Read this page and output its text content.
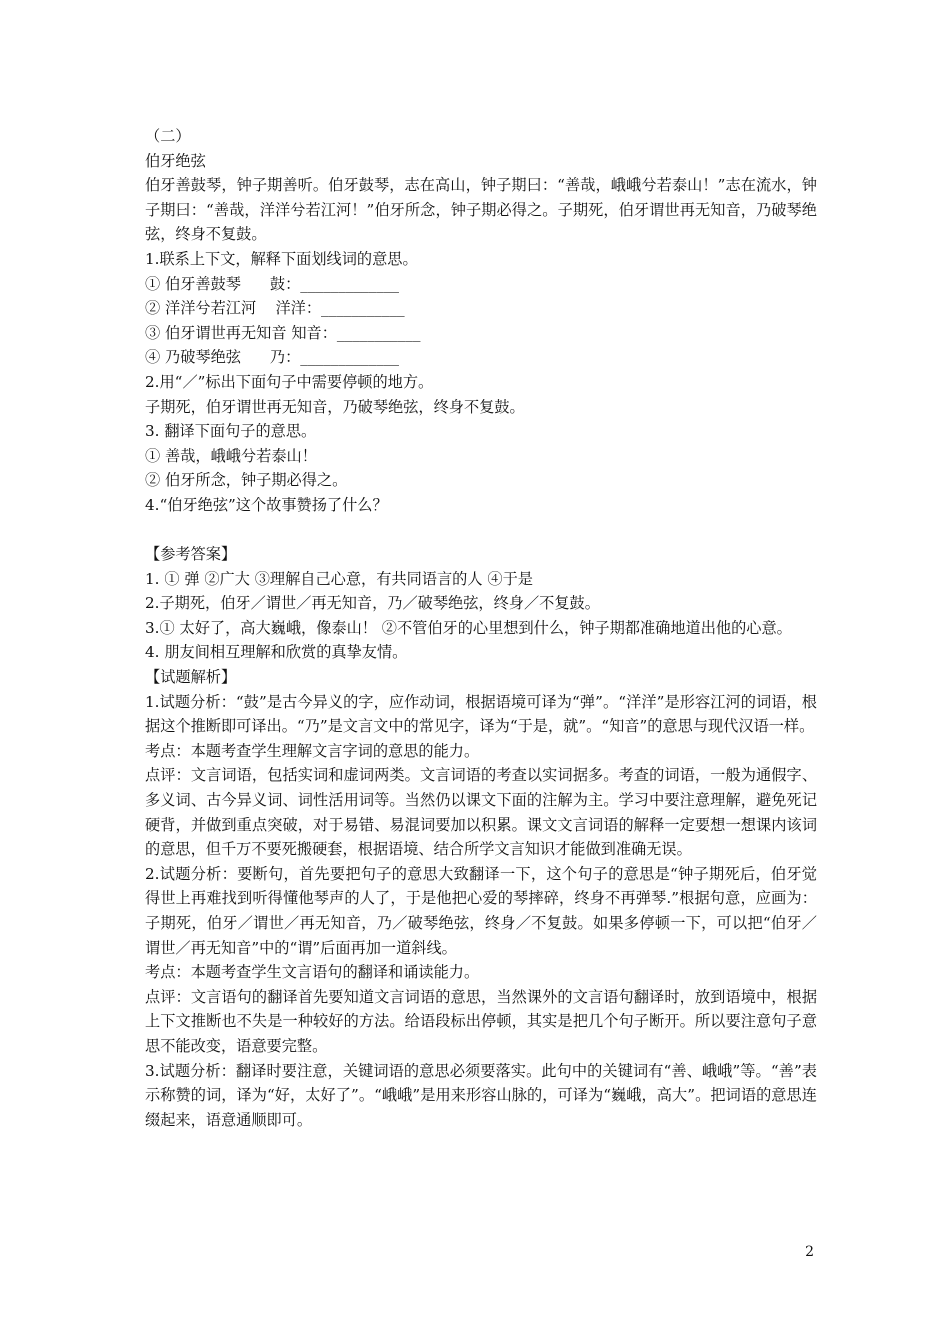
（二）
伯牙绝弦
伯牙善鼓琴，钟子期善听。伯牙鼓琴，志在高山，钟子期曰：“善哉，峨峨兮若泰山！”志在流水，钟子期曰：“善哉，洋洋兮若江河！”伯牙所念，钟子期必得之。子期死，伯牙谓世再无知音，乃破琴绝弦，终身不复鼓。
1.联系上下文，解释下面划线词的意思。
① 伯牙善鼓琴      鼓：_____________
② 洋洋兮若江河    洋洋：___________
③ 伯牙谓世再无知音 知音：___________
④ 乃破琴绝弦      乃：_____________
2.用“／”标出下面句子中需要停顿的地方。
子期死，伯牙谓世再无知音，乃破琴绝弦，终身不复鼓。
3. 翻译下面句子的意思。
① 善哉，峨峨兮若泰山！
② 伯牙所念，钟子期必得之。
4.“伯牙绝弦”这个故事赞扬了什么？
【参考答案】
1. ① 弹 ②广大 ③理解自己心意，有共同语言的人 ④于是
2.子期死，伯牙／谓世／再无知音，乃／破琴绝弦，终身／不复鼓。
3.① 太好了，高大巍峨，像泰山！ ②不管伯牙的心里想到什么，钟子期都准确地道出他的心意。
4. 朋友间相互理解和欣赏的真挚友情。
【试题解析】
1.试题分析：“鼓”是古今异义的字，应作动词，根据语境可译为“弹”。“洋洋”是形容江河的词语，根据这个推断即可译出。“乃”是文言文中的常见字，译为“于是，就”。“知音”的意思与现代汉语一样。
考点：本题考查学生理解文言字词的意思的能力。
点评：文言词语，包括实词和虚词两类。文言词语的考查以实词据多。考查的词语，一般为通假字、多义词、古今异义词、词性活用词等。当然仍以课文下面的注解为主。学习中要注意理解，避免死记硬背，并做到重点突破，对于易错、易混词要加以积累。课文文言词语的解释一定要想一想课内该词的意思，但千万不要死搬硬套，根据语境、结合所学文言知识才能做到准确无误。
2.试题分析：要断句，首先要把句子的意思大致翻译一下，这个句子的意思是“钟子期死后，伯牙觉得世上再难找到听得懂他琴声的人了，于是他把心爱的琴摔碎，终身不再弹琴.”根据句意，应画为：子期死，伯牙／谓世／再无知音，乃／破琴绝弦，终身／不复鼓。如果多停顿一下，可以把“伯牙／谓世／再无知音”中的“谓”后面再加一道斜线。
考点：本题考查学生文言语句的翻译和诵读能力。
点评：文言语句的翻译首先要知道文言词语的意思，当然课外的文言语句翻译时，放到语境中，根据上下文推断也不失是一种较好的方法。给语段标出停顿，其实是把几个句子断开。所以要注意句子意思不能改变，语意要完整。
3.试题分析：翻译时要注意，关键词语的意思必须要落实。此句中的关键词有“善、峨峨”等。“善”表示称赞的词，译为“好，太好了”。“峨峨”是用来形容山脉的，可译为“巍峨，高大”。把词语的意思连缀起来，语意通顺即可。
2
